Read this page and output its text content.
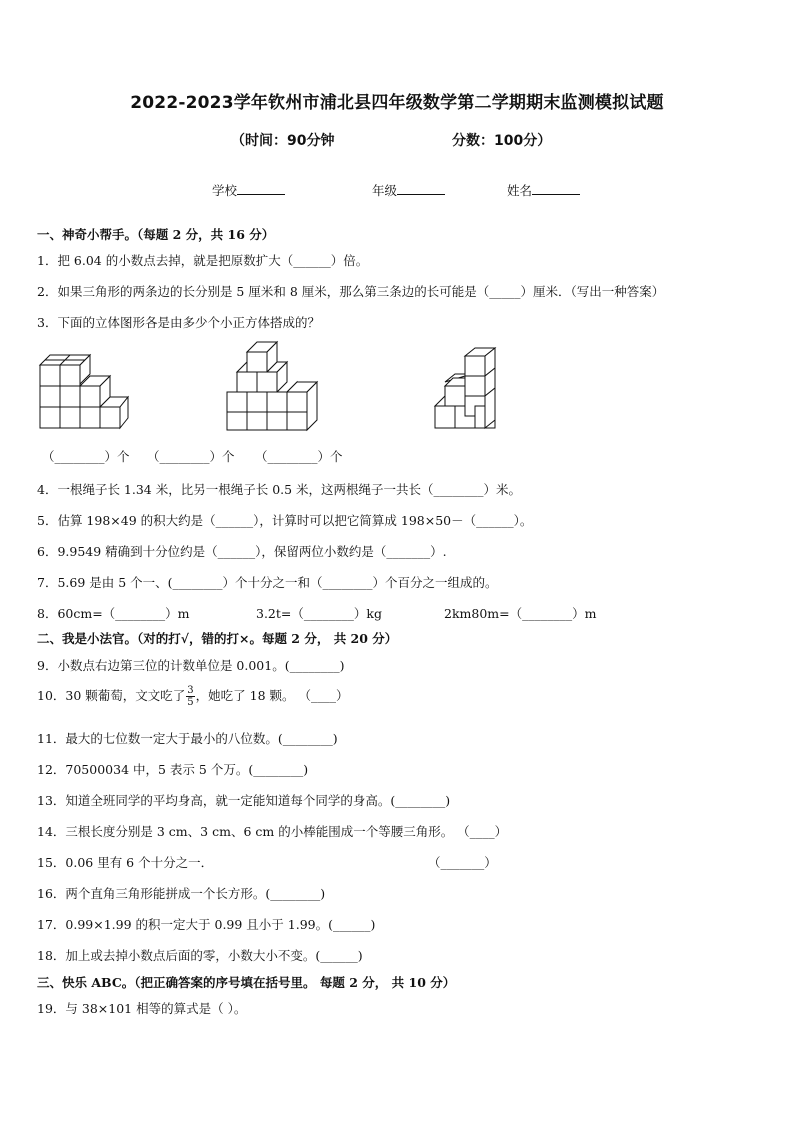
2022-2023学年钦州市浦北县四年级数学第二学期期末监测模拟试题
（时间：90分钟	分数：100分）
学校	年级	姓名
一、神奇小帮手。（每题 2 分，共 16 分）
1．把 6.04 的小数点去掉，就是把原数扩大（______）倍。
2．如果三角形的两条边的长分别是 5 厘米和 8 厘米，那么第三条边的长可能是（_____）厘米．（写出一种答案）
3．下面的立体图形各是由多少个小正方体搭成的？
（________）个 （________）个 （________）个
4．一根绳子长 1.34 米，比另一根绳子长 0.5 米，这两根绳子一共长（________）米。
5．估算 198×49 的积大约是（______），计算时可以把它简算成 198×50－（______）。
6．9.9549 精确到十分位约是（______），保留两位小数约是（_______）.
7．5.69 是由 5 个一、(________）个十分之一和（________）个百分之一组成的。
8．60cm=（________）m	3.2t=（________）kg	2km80m=（________）m
二、我是小法官。（对的打√，错的打×。每题 2 分， 共 20 分）
9．小数点右边第三位的计数单位是 0.001。(________)
10．30 颗葡萄，文文吃了 $\frac{3}{5}$ ，她吃了 18 颗。 （____）
11．最大的七位数一定大于最小的八位数。(________)
12．70500034 中，5 表示 5 个万。(________)
13．知道全班同学的平均身高，就一定能知道每个同学的身高。(________)
14．三根长度分别是 3 cm、3 cm、6 cm 的小棒能围成一个等腰三角形。 （____）
15．0.06 里有 6 个十分之一．	（_______）
16．两个直角三角形能拼成一个长方形。(________)
17．0.99×1.99 的积一定大于 0.99 且小于 1.99。(______)
18．加上或去掉小数点后面的零，小数大小不变。(______)
三、快乐 ABC。（把正确答案的序号填在括号里。 每题 2 分， 共 10 分）
19．与 38×101 相等的算式是（ ）。
